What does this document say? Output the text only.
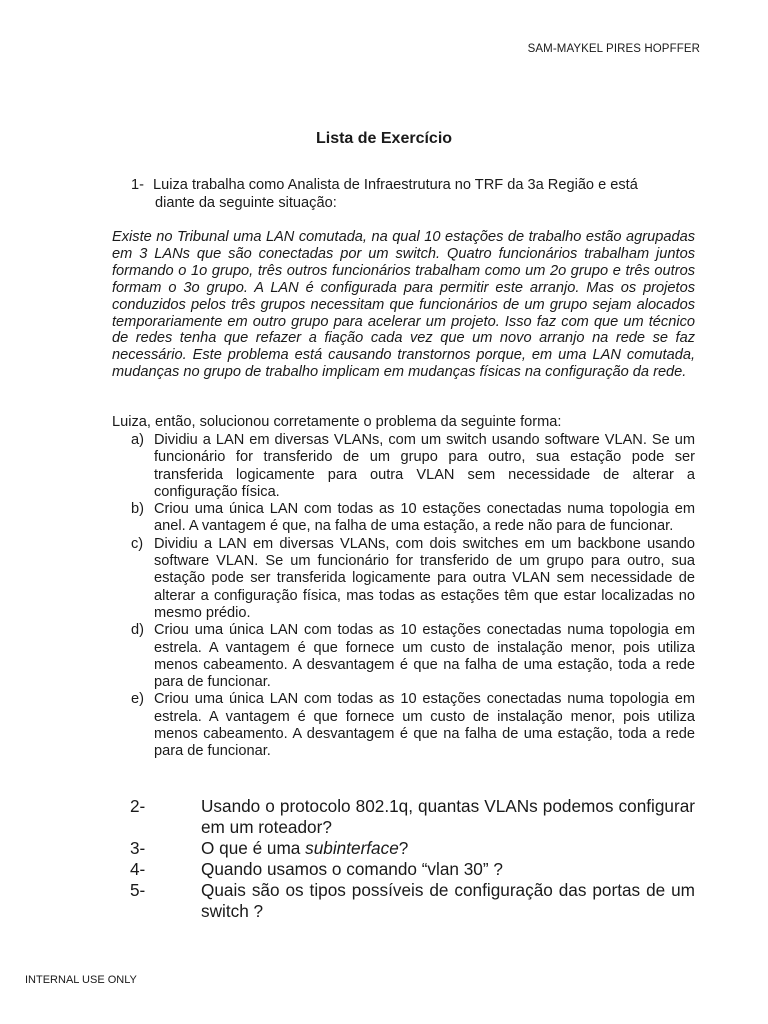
SAM-MAYKEL PIRES HOPFFER
Lista de Exercício
1- Luiza trabalha como Analista de Infraestrutura no TRF da 3a Região e está
diante da seguinte situação:
Existe no Tribunal uma LAN comutada, na qual 10 estações de trabalho estão agrupadas em 3 LANs que são conectadas por um switch. Quatro funcionários trabalham juntos formando o 1o grupo, três outros funcionários trabalham como um 2o grupo e três outros formam o 3o grupo. A LAN é configurada para permitir este arranjo. Mas os projetos conduzidos pelos três grupos necessitam que funcionários de um grupo sejam alocados temporariamente em outro grupo para acelerar um projeto. Isso faz com que um técnico de redes tenha que refazer a fiação cada vez que um novo arranjo na rede se faz necessário. Este problema está causando transtornos porque, em uma LAN comutada, mudanças no grupo de trabalho implicam em mudanças físicas na configuração da rede.
Luiza, então, solucionou corretamente o problema da seguinte forma:
a) Dividiu a LAN em diversas VLANs, com um switch usando software VLAN. Se um funcionário for transferido de um grupo para outro, sua estação pode ser transferida logicamente para outra VLAN sem necessidade de alterar a configuração física.
b) Criou uma única LAN com todas as 10 estações conectadas numa topologia em anel. A vantagem é que, na falha de uma estação, a rede não para de funcionar.
c) Dividiu a LAN em diversas VLANs, com dois switches em um backbone usando software VLAN. Se um funcionário for transferido de um grupo para outro, sua estação pode ser transferida logicamente para outra VLAN sem necessidade de alterar a configuração física, mas todas as estações têm que estar localizadas no mesmo prédio.
d) Criou uma única LAN com todas as 10 estações conectadas numa topologia em estrela. A vantagem é que fornece um custo de instalação menor, pois utiliza menos cabeamento. A desvantagem é que na falha de uma estação, toda a rede para de funcionar.
e) Criou uma única LAN com todas as 10 estações conectadas numa topologia em estrela. A vantagem é que fornece um custo de instalação menor, pois utiliza menos cabeamento. A desvantagem é que na falha de uma estação, toda a rede para de funcionar.
2-	Usando o protocolo 802.1q, quantas VLANs podemos configurar em um roteador?
3-	O que é uma subinterface?
4-	Quando usamos o comando “vlan 30” ?
5-	Quais são os tipos possíveis de configuração das portas de um switch ?
INTERNAL USE ONLY
